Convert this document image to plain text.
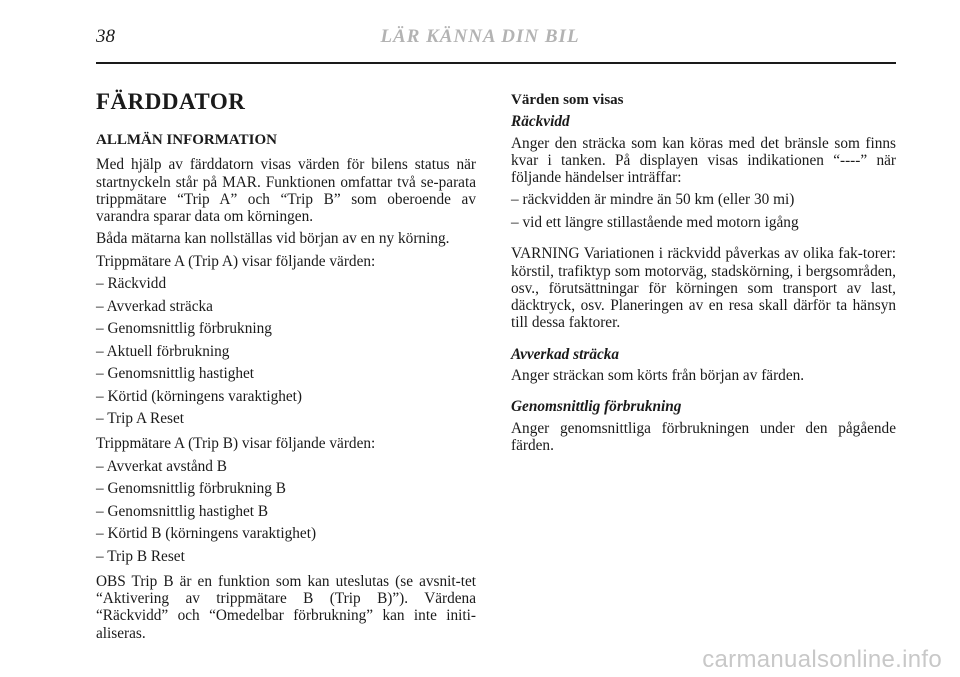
38	LÄR KÄNNA DIN BIL
FÄRDDATOR
ALLMÄN INFORMATION

Med hjälp av färddatorn visas värden för bilens status när startnyckeln står på MAR. Funktionen omfattar två se-parata trippmätare “Trip A” och “Trip B” som oberoende av varandra sparar data om körningen.

Båda mätarna kan nollställas vid början av en ny körning.

Trippmätare A (Trip A) visar följande värden:

– Räckvidd
– Avverkad sträcka
– Genomsnittlig förbrukning
– Aktuell förbrukning
– Genomsnittlig hastighet
– Körtid (körningens varaktighet)
– Trip A Reset

Trippmätare A (Trip B) visar följande värden:

– Avverkat avstånd B
– Genomsnittlig förbrukning B
– Genomsnittlig hastighet B
– Körtid B (körningens varaktighet)
– Trip B Reset

OBS Trip B är en funktion som kan uteslutas (se avsnit-tet “Aktivering av trippmätare B (Trip B)”). Värdena “Räckvidd” och “Omedelbar förbrukning” kan inte initi-aliseras.

Värden som visas
Räckvidd

Anger den sträcka som kan köras med det bränsle som finns kvar i tanken. På displayen visas indikationen “----” när följande händelser inträffar:

– räckvidden är mindre än 50 km (eller 30 mi)
– vid ett längre stillastående med motorn igång

VARNING Variationen i räckvidd påverkas av olika fak-torer: körstil, trafiktyp som motorväg, stadskörning, i bergsområden, osv., förutsättningar för körningen som transport av last, däcktryck, osv. Planeringen av en resa skall därför ta hänsyn till dessa faktorer.

Avverkad sträcka

Anger sträckan som körts från början av färden.

Genomsnittlig förbrukning

Anger genomsnittliga förbrukningen under den pågående färden.

carmanualsonline.info
